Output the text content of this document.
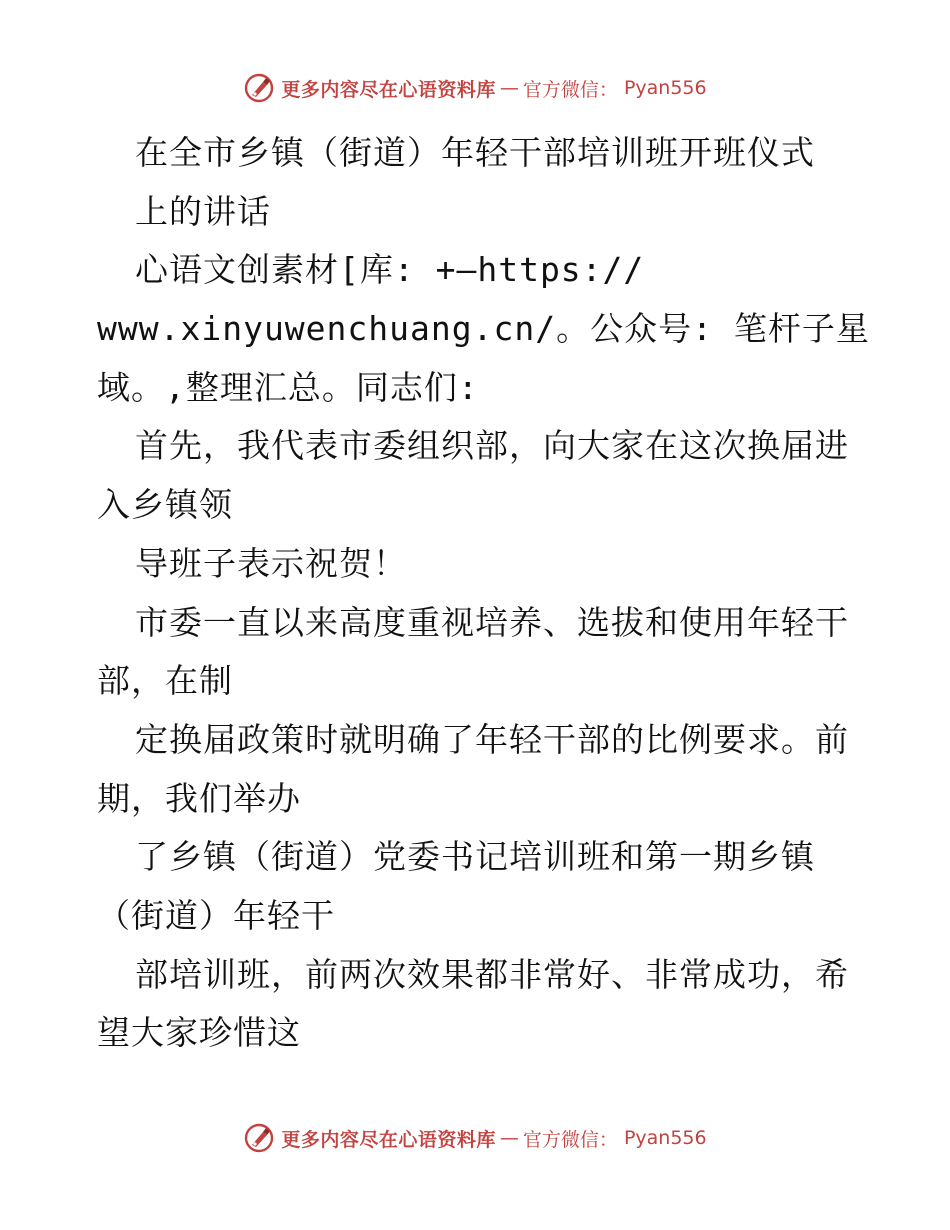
更多内容尽在心语资料库 — 官方微信： Pyan556
在全市乡镇（街道）年轻干部培训班开班仪式
上的讲话
心语文创素材[库: +—https://
www.xinyuwenchuang.cn/。公众号: 笔杆子星
域。,整理汇总。同志们:
首先，我代表市委组织部，向大家在这次换届进
入乡镇领
导班子表示祝贺！
市委一直以来高度重视培养、选拔和使用年轻干
部，在制
定换届政策时就明确了年轻干部的比例要求。前
期，我们举办
了乡镇（街道）党委书记培训班和第一期乡镇
（街道）年轻干
部培训班，前两次效果都非常好、非常成功，希
望大家珍惜这
更多内容尽在心语资料库 — 官方微信： Pyan556
